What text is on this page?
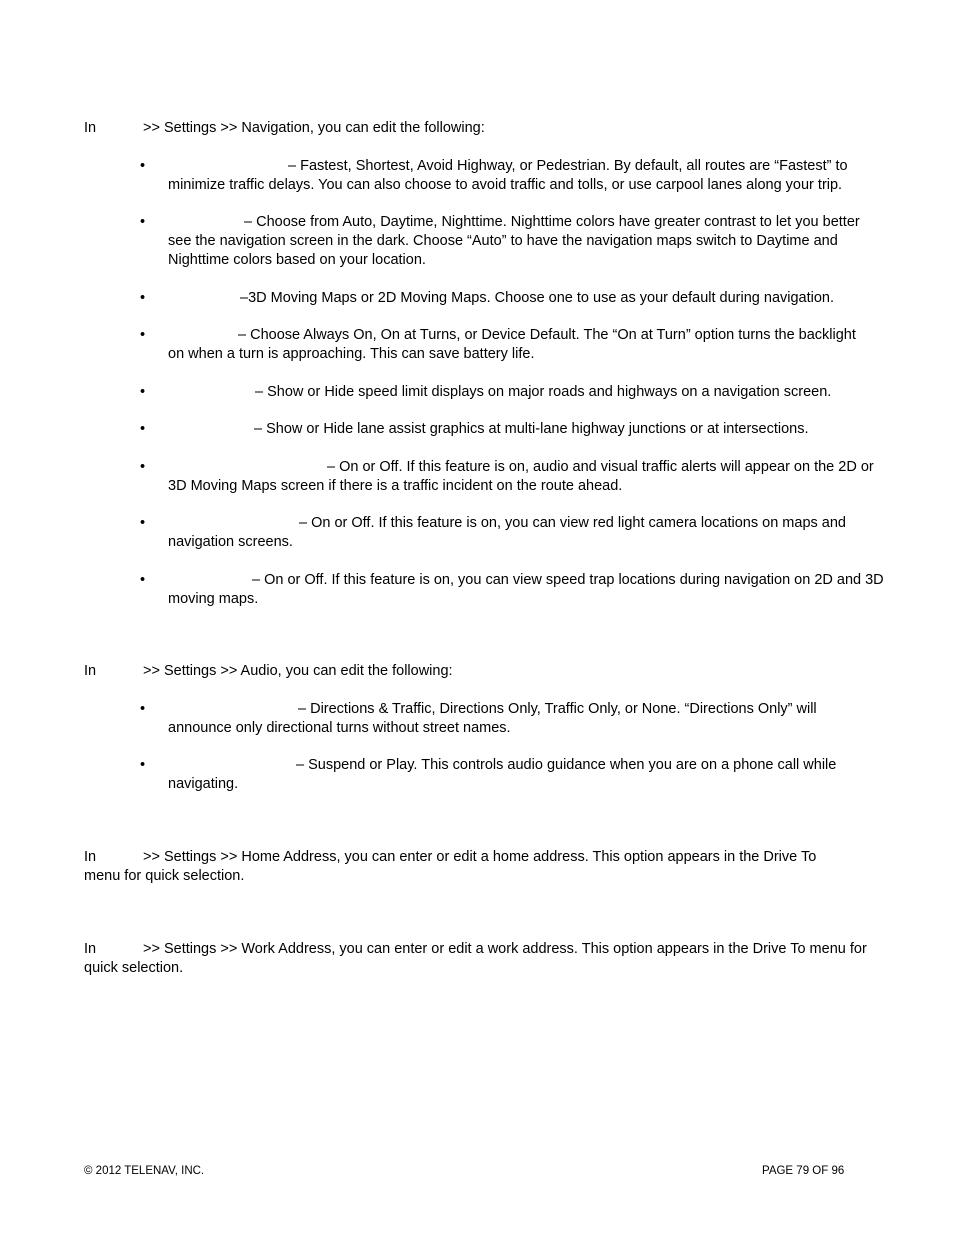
In	>> Settings >> Navigation, you can edit the following:

•	– Fastest, Shortest, Avoid Highway, or Pedestrian. By default, all routes are “Fastest” to minimize traffic delays. You can also choose to avoid traffic and tolls, or use carpool lanes along your trip.
•	– Choose from Auto, Daytime, Nighttime. Nighttime colors have greater contrast to let you better see the navigation screen in the dark. Choose “Auto” to have the navigation maps switch to Daytime and Nighttime colors based on your location.
•	–3D Moving Maps or 2D Moving Maps. Choose one to use as your default during navigation.
•	– Choose Always On, On at Turns, or Device Default. The “On at Turn” option turns the backlight on when a turn is approaching. This can save battery life.
•	– Show or Hide speed limit displays on major roads and highways on a navigation screen.
•	– Show or Hide lane assist graphics at multi-lane highway junctions or at intersections.
•	– On or Off. If this feature is on, audio and visual traffic alerts will appear on the 2D or 3D Moving Maps screen if there is a traffic incident on the route ahead.
•	– On or Off. If this feature is on, you can view red light camera locations on maps and navigation screens.
•	– On or Off. If this feature is on, you can view speed trap locations during navigation on 2D and 3D moving maps.

In	>> Settings >> Audio, you can edit the following:

•	– Directions & Traffic, Directions Only, Traffic Only, or None. “Directions Only” will announce only directional turns without street names.
•	– Suspend or Play. This controls audio guidance when you are on a phone call while navigating.

In	>> Settings >> Home Address, you can enter or edit a home address. This option appears in the Drive To menu for quick selection.

In	>> Settings >> Work Address, you can enter or edit a work address. This option appears in the Drive To menu for quick selection.

© 2012 TELENAV, INC.	PAGE 79 OF 96
